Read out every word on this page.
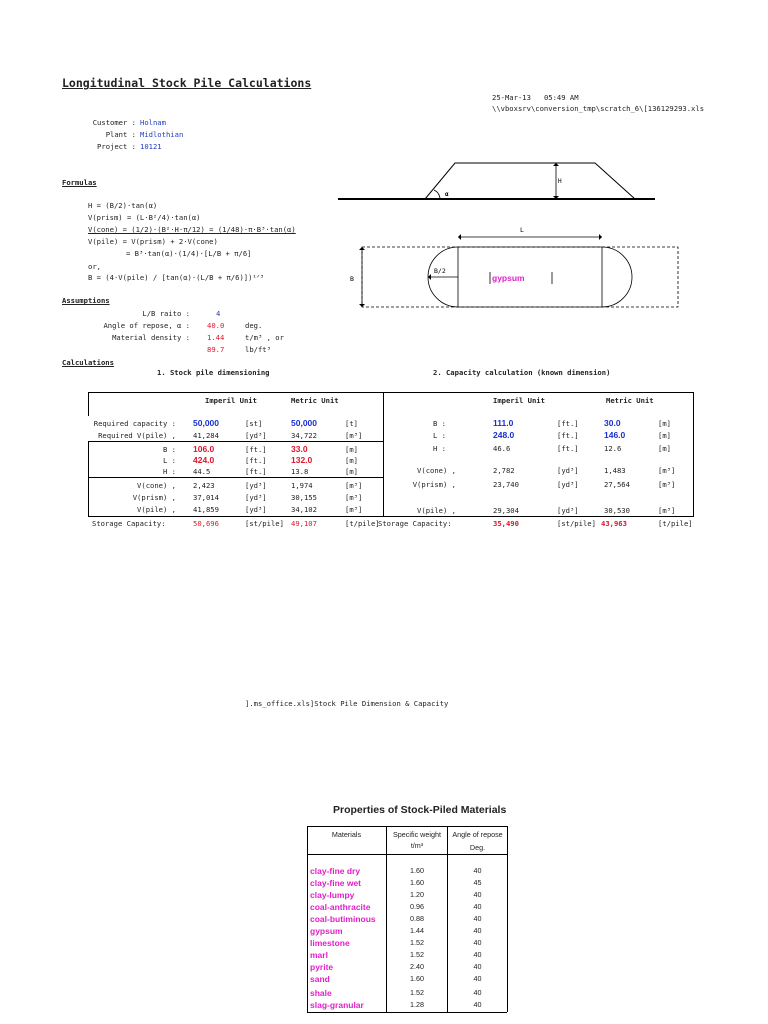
Longitudinal Stock Pile Calculations
25-Mar-13 05:49 AM
\\vboxsrv\conversion_tmp\scratch_6\[136129293.xls
Customer : Holnam
Plant : Midlothian
Project : 10121
Formulas
H = (B/2)·tan(α)
V(prism) = (L·B²/4)·tan(α)
V(cone) = (1/2)·(B²·H·π/12) = (1/48)·π·B³·tan(α)
V(pile) = V(prism) + 2·V(cone)
= B³·tan(α)·(1/4)·[L/B + π/6]
or,
B = (4·V(pile) / [tan(α)·(L/B + π/6)])¹ᐟ³
Assumptions
L/B raito :	4
Angle of repose, α : 40.0	deg.
Material density : 1.44	t/m³ , or
89.7	lb/ft³
H
α
L
B
B/2
gypsum
Calculations
1. Stock pile dimensioning	2. Capacity calculation (known dimension)
Imperil Unit	Metric Unit	Imperil Unit	Metric Unit
Required capacity : 50,000	[st]	50,000	[t]
Required V(pile) , 41,284	[yd³]	34,722	[m³]
B : 106.0	[ft.]	33.0	[m]
L : 424.0	[ft.]	132.0	[m]
H : 44.5	[ft.]	13.8	[m]
V(cone) , 2,423	[yd³]	1,974	[m³]
V(prism) , 37,014	[yd³]	30,155	[m³]
V(pile) , 41,859	[yd³]	34,102	[m³]
B :	111.0	[ft.]	30.0	[m]
L :	248.0	[ft.]	146.0	[m]
H :	46.6	[ft.]	12.6	[m]
V(cone) ,	2,782	[yd³]	1,483	[m³]
V(prism) ,	23,740	[yd³]	27,564	[m³]
V(pile) ,	29,304	[yd³]	30,530	[m³]
Storage Capacity:	50,696	[st/pile] 49,107	[t/pile]
Storage Capacity:	35,490	[st/pile] 43,963	[t/pile]
].ms_office.xls]Stock Pile Dimension & Capacity
Properties of Stock-Piled Materials
Materials	Specific weight
t/m³
Angle of repose
Deg.
clay-fine dry	1.60	40
clay-fine wet	1.60	45
clay-lumpy	1.20	40
coal-anthracite	0.96	40
coal-butiminous	0.88	40
gypsum	1.44	40
limestone	1.52	40
marl	1.52	40
pyrite	2.40	40
sand	1.60	40
shale	1.52	40
slag-granular	1.28	40
